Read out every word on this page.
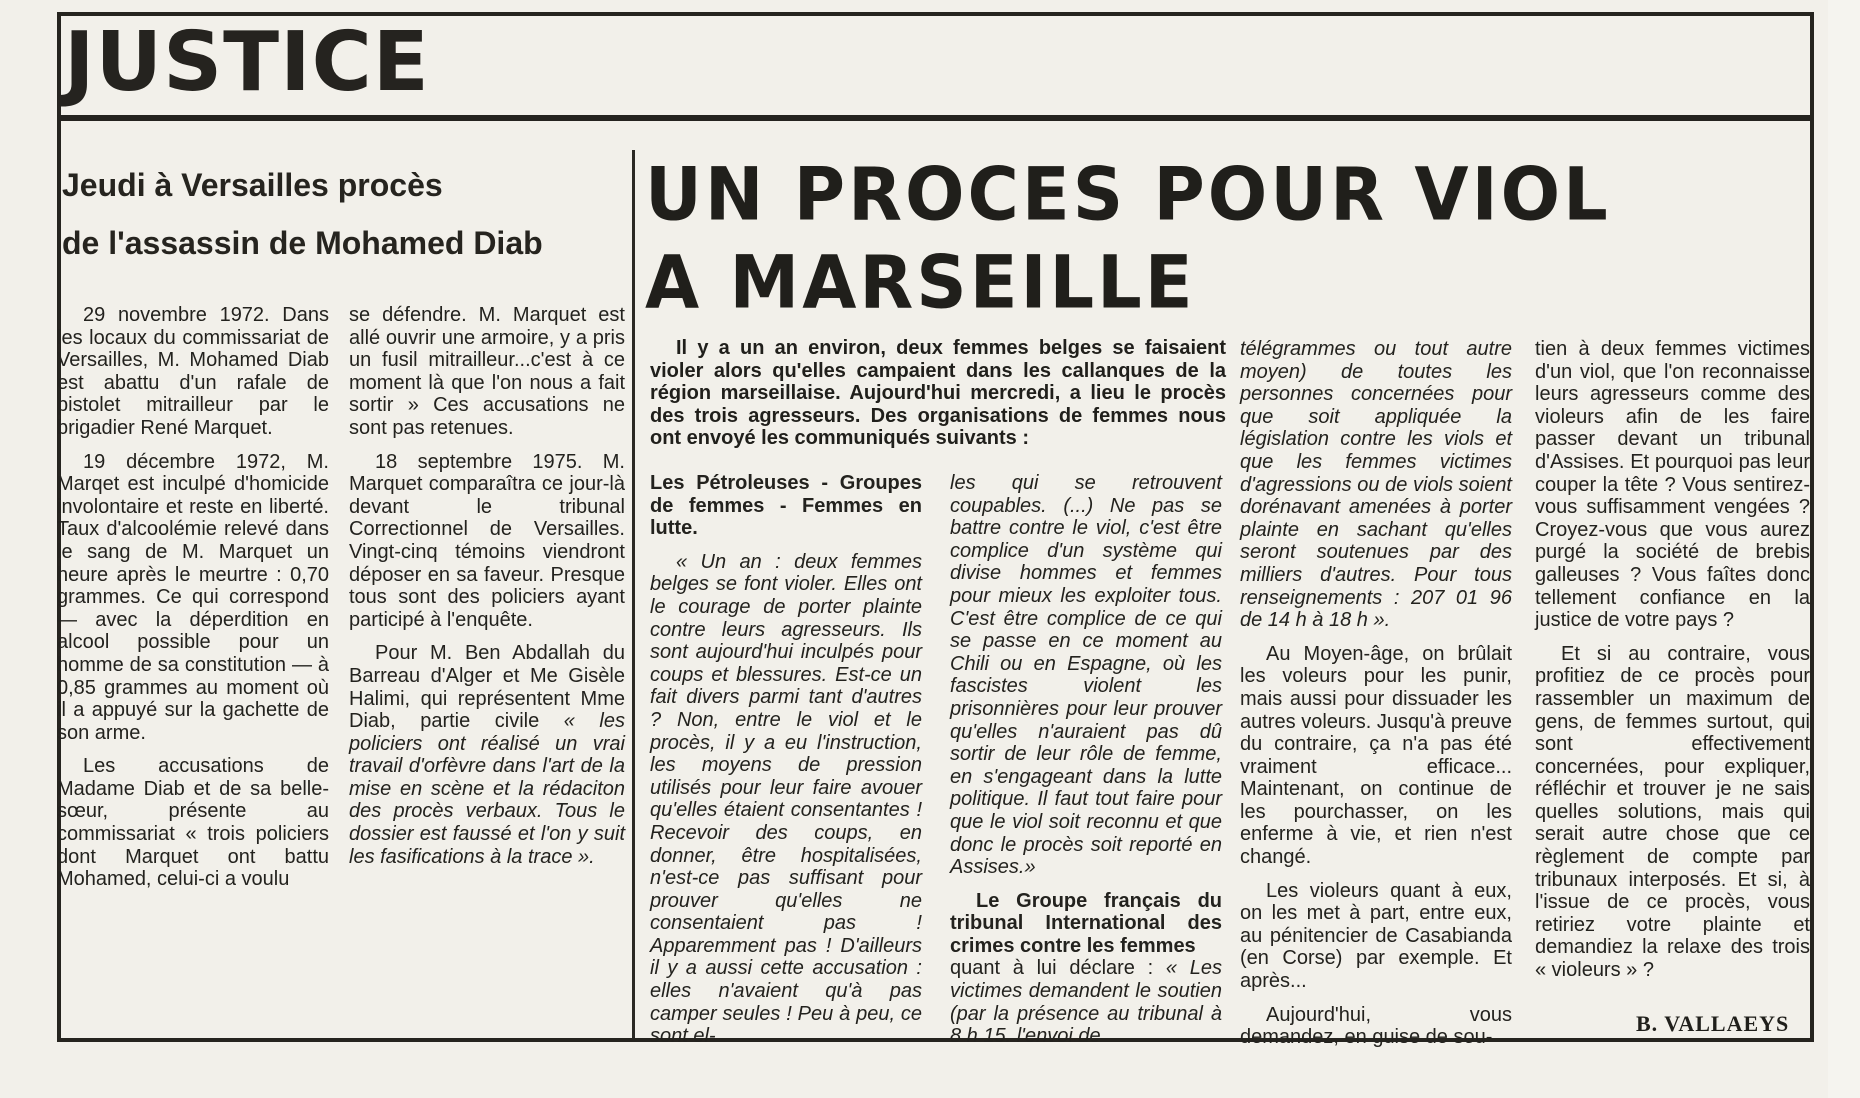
JUSTICE
Jeudi à Versailles procès
de l'assassin de Mohamed Diab

29 novembre 1972. Dans les locaux du commissariat de Versailles, M. Mohamed Diab est abattu d'un rafale de pistolet mitrailleur par le brigadier René Marquet.

19 décembre 1972, M. Marqet est inculpé d'homicide involontaire et reste en liberté. Taux d'alcoolémie relevé dans le sang de M. Marquet un heure après le meurtre : 0,70 grammes. Ce qui correspond — avec la déperdition en alcool possible pour un homme de sa constitution — à 0,85 grammes au moment où il a appuyé sur la gachette de son arme.

Les accusations de Madame Diab et de sa belle-sœur, présente au commissariat « trois policiers dont Marquet ont battu Mohamed, celui-ci a voulu

se défendre. M. Marquet est allé ouvrir une armoire, y a pris un fusil mitrailleur...c'est à ce moment là que l'on nous a fait sortir » Ces accusations ne sont pas retenues.

18 septembre 1975. M. Marquet comparaîtra ce jour-là devant le tribunal Correctionnel de Versailles. Vingt-cinq témoins viendront déposer en sa faveur. Presque tous sont des policiers ayant participé à l'enquête.

Pour M. Ben Abdallah du Barreau d'Alger et Me Gisèle Halimi, qui représentent Mme Diab, partie civile « les policiers ont réalisé un vrai travail d'orfèvre dans l'art de la mise en scène et la rédaciton des procès verbaux. Tous le dossier est faussé et l'on y suit les fasifications à la trace ».

UN PROCES POUR VIOL
A MARSEILLE

Il y a un an environ, deux femmes belges se faisaient violer alors qu'elles campaient dans les callanques de la région marseillaise. Aujourd'hui mercredi, a lieu le procès des trois agresseurs. Des organisations de femmes nous ont envoyé les communiqués suivants :

Les Pétroleuses - Groupes de femmes - Femmes en lutte.

« Un an : deux femmes belges se font violer. Elles ont le courage de porter plainte contre leurs agresseurs. Ils sont aujourd'hui inculpés pour coups et blessures. Est-ce un fait divers parmi tant d'autres ? Non, entre le viol et le procès, il y a eu l'instruction, les moyens de pression utilisés pour leur faire avouer qu'elles étaient consentantes ! Recevoir des coups, en donner, être hospitalisées, n'est-ce pas suffisant pour prouver qu'elles ne consentaient pas ! Apparemment pas ! D'ailleurs il y a aussi cette accusation : elles n'avaient qu'à pas camper seules ! Peu à peu, ce sont el-

les qui se retrouvent coupables. (...) Ne pas se battre contre le viol, c'est être complice d'un système qui divise hommes et femmes pour mieux les exploiter tous. C'est être complice de ce qui se passe en ce moment au Chili ou en Espagne, où les fascistes violent les prisonnières pour leur prouver qu'elles n'auraient pas dû sortir de leur rôle de femme, en s'engageant dans la lutte politique. Il faut tout faire pour que le viol soit reconnu et que donc le procès soit reporté en Assises.»

Le Groupe français du tribunal International des crimes contre les femmes

quant à lui déclare : « Les victimes demandent le soutien (par la présence au tribunal à 8 h 15. l'envoi de

télégrammes ou tout autre moyen) de toutes les personnes concernées pour que soit appliquée la législation contre les viols et que les femmes victimes d'agressions ou de viols soient dorénavant amenées à porter plainte en sachant qu'elles seront soutenues par des milliers d'autres. Pour tous renseignements : 207 01 96 de 14 h à 18 h ».

Au Moyen-âge, on brûlait les voleurs pour les punir, mais aussi pour dissuader les autres voleurs. Jusqu'à preuve du contraire, ça n'a pas été vraiment efficace... Maintenant, on continue de les pourchasser, on les enferme à vie, et rien n'est changé.

Les violeurs quant à eux, on les met à part, entre eux, au pénitencier de Casabianda (en Corse) par exemple. Et après...

Aujourd'hui, vous demandez, en guise de sou-

tien à deux femmes victimes d'un viol, que l'on reconnaisse leurs agresseurs comme des violeurs afin de les faire passer devant un tribunal d'Assises. Et pourquoi pas leur couper la tête ? Vous sentirez-vous suffisamment vengées ? Croyez-vous que vous aurez purgé la société de brebis galleuses ? Vous faîtes donc tellement confiance en la justice de votre pays ?

Et si au contraire, vous profitiez de ce procès pour rassembler un maximum de gens, de femmes surtout, qui sont effectivement concernées, pour expliquer, réfléchir et trouver je ne sais quelles solutions, mais qui serait autre chose que ce règlement de compte par tribunaux interposés. Et si, à l'issue de ce procès, vous retiriez votre plainte et demandiez la relaxe des trois « violeurs » ?

B. VALLAEYS
